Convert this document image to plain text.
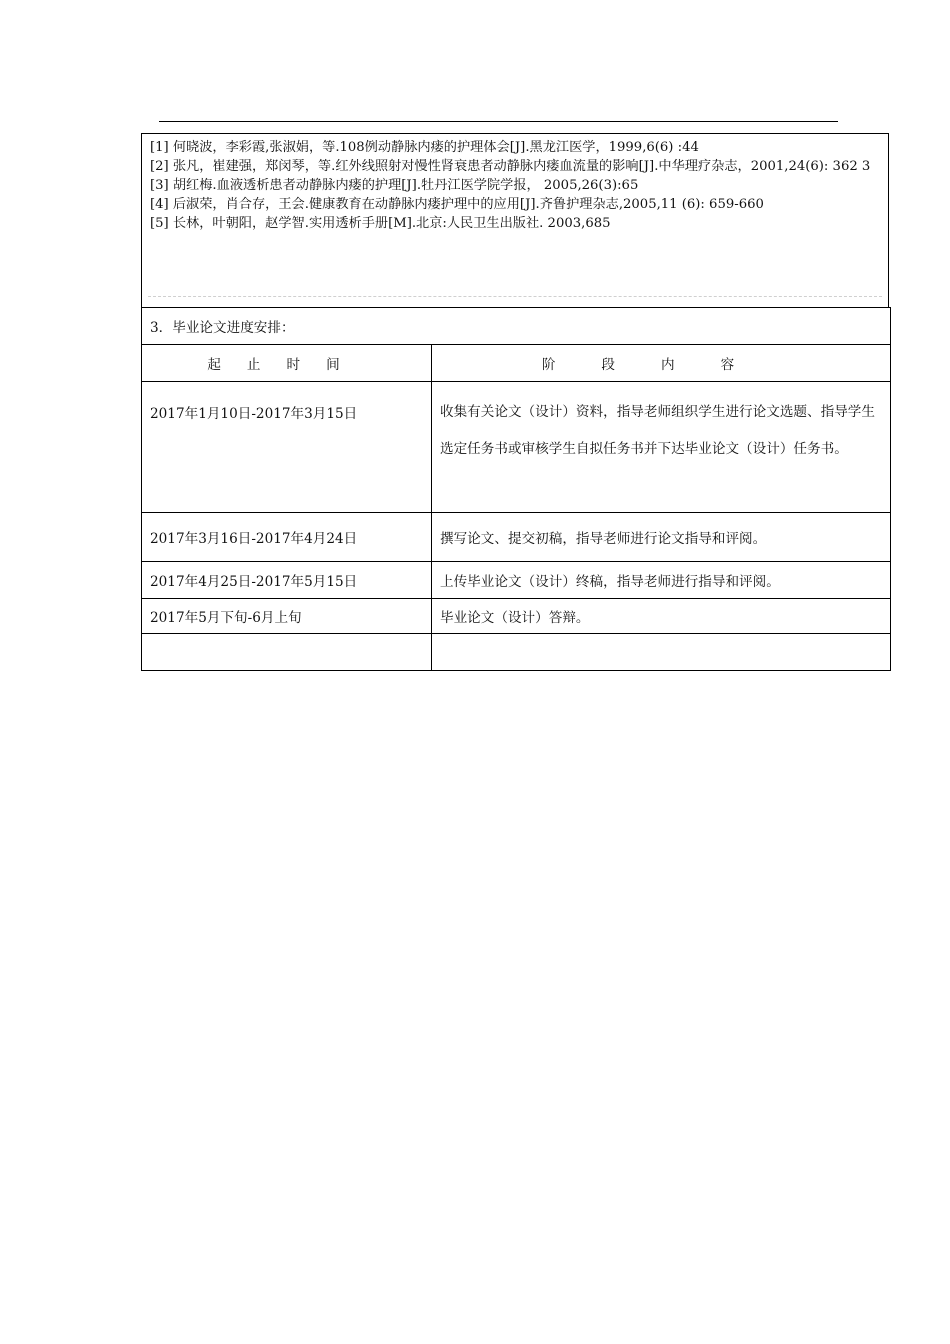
[1] 何晓波，李彩霞,张淑娟，等.108例动静脉内瘘的护理体会[J].黑龙江医学，1999,6(6) :44

[2] 张凡，崔建强，郑闵琴，等.红外线照射对慢性肾衰患者动静脉内瘘血流量的影响[J].中华理疗杂志，2001,24(6): 362 3

[3] 胡红梅.血液透析患者动静脉内瘘的护理[J].牡丹江医学院学报， 2005,26(3):65

[4] 后淑荣，肖合存，王会.健康教育在动静脉内瘘护理中的应用[J].齐鲁护理杂志,2005,11 (6): 659-660

[5] 长林，叶朝阳，赵学智.实用透析手册[M].北京:人民卫生出版社. 2003,685

3．毕业论文进度安排：	
起止时间	阶段内容
2017年1月10日-2017年3月15日	收集有关论文（设计）资料，指导老师组织学生进行论文选题、指导学生选定任务书或审核学生自拟任务书并下达毕业论文（设计）任务书。
2017年3月16日-2017年4月24日	撰写论文、提交初稿，指导老师进行论文指导和评阅。
2017年4月25日-2017年5月15日	上传毕业论文（设计）终稿，指导老师进行指导和评阅。
2017年5月下旬-6月上旬	毕业论文（设计）答辩。
